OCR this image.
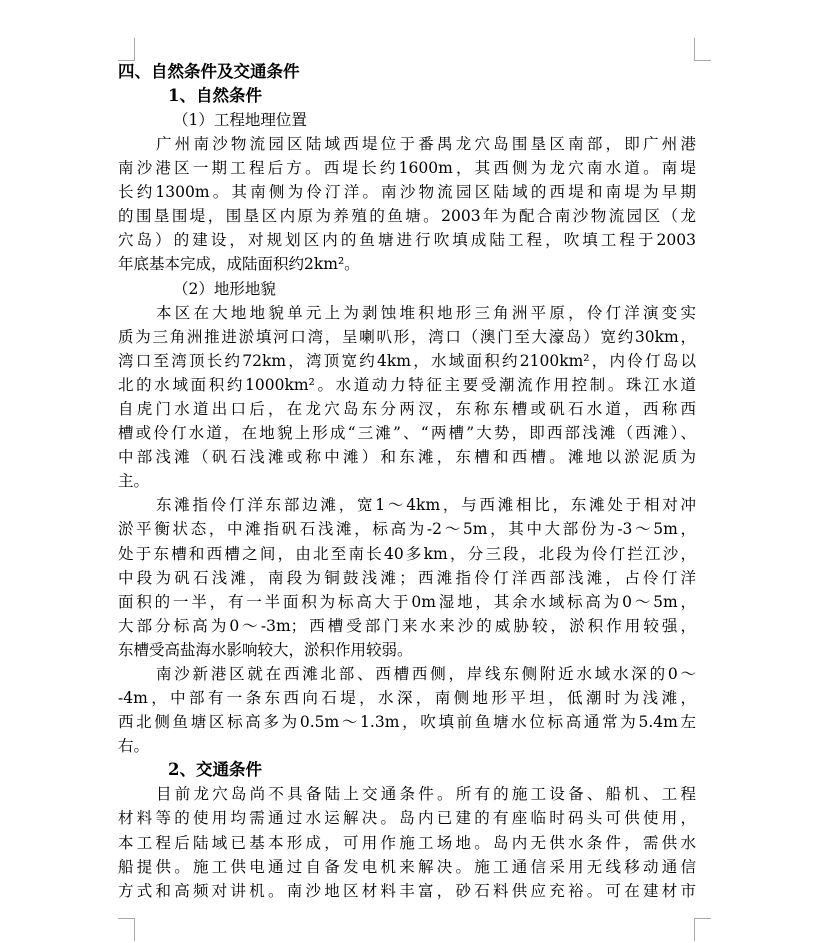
四、自然条件及交通条件
1、自然条件
（1）工程地理位置
广州南沙物流园区陆域西堤位于番禺龙穴岛围垦区南部，即广州港
南沙港区一期工程后方。西堤长约1600m，其西侧为龙穴南水道。南堤
长约1300m。其南侧为伶汀洋。南沙物流园区陆域的西堤和南堤为早期
的围垦围堤，围垦区内原为养殖的鱼塘。2003年为配合南沙物流园区（龙
穴岛）的建设，对规划区内的鱼塘进行吹填成陆工程，吹填工程于2003
年底基本完成，成陆面积约2km²。
（2）地形地貌
本区在大地地貌单元上为剥蚀堆积地形三角洲平原，伶仃洋演变实
质为三角洲推进淤填河口湾，呈喇叭形，湾口（澳门至大濠岛）宽约30km，
湾口至湾顶长约72km，湾顶宽约4km，水域面积约2100km²，内伶仃岛以
北的水域面积约1000km²。水道动力特征主要受潮流作用控制。珠江水道
自虎门水道出口后，在龙穴岛东分两汊，东称东槽或矾石水道，西称西
槽或伶仃水道，在地貌上形成“三滩”、“两槽”大势，即西部浅滩（西滩）、
中部浅滩（矾石浅滩或称中滩）和东滩，东槽和西槽。滩地以淤泥质为
主。
东滩指伶仃洋东部边滩，宽1～4km，与西滩相比，东滩处于相对冲
淤平衡状态，中滩指矾石浅滩，标高为-2～5m，其中大部份为-3～5m，
处于东槽和西槽之间，由北至南长40多km，分三段，北段为伶仃拦江沙，
中段为矾石浅滩，南段为铜鼓浅滩；西滩指伶仃洋西部浅滩，占伶仃洋
面积的一半，有一半面积为标高大于0m湿地，其余水域标高为0～5m，
大部分标高为0～-3m；西槽受部门来水来沙的威胁较，淤积作用较强，
东槽受高盐海水影响较大，淤积作用较弱。
南沙新港区就在西滩北部、西槽西侧，岸线东侧附近水域水深的0～
-4m，中部有一条东西向石堤，水深，南侧地形平坦，低潮时为浅滩，
西北侧鱼塘区标高多为0.5m～1.3m，吹填前鱼塘水位标高通常为5.4m左
右。
2、交通条件
目前龙穴岛尚不具备陆上交通条件。所有的施工设备、船机、工程
材料等的使用均需通过水运解决。岛内已建的有座临时码头可供使用，
本工程后陆域已基本形成，可用作施工场地。岛内无供水条件，需供水
船提供。施工供电通过自备发电机来解决。施工通信采用无线移动通信
方式和高频对讲机。南沙地区材料丰富，砂石料供应充裕。可在建材市
